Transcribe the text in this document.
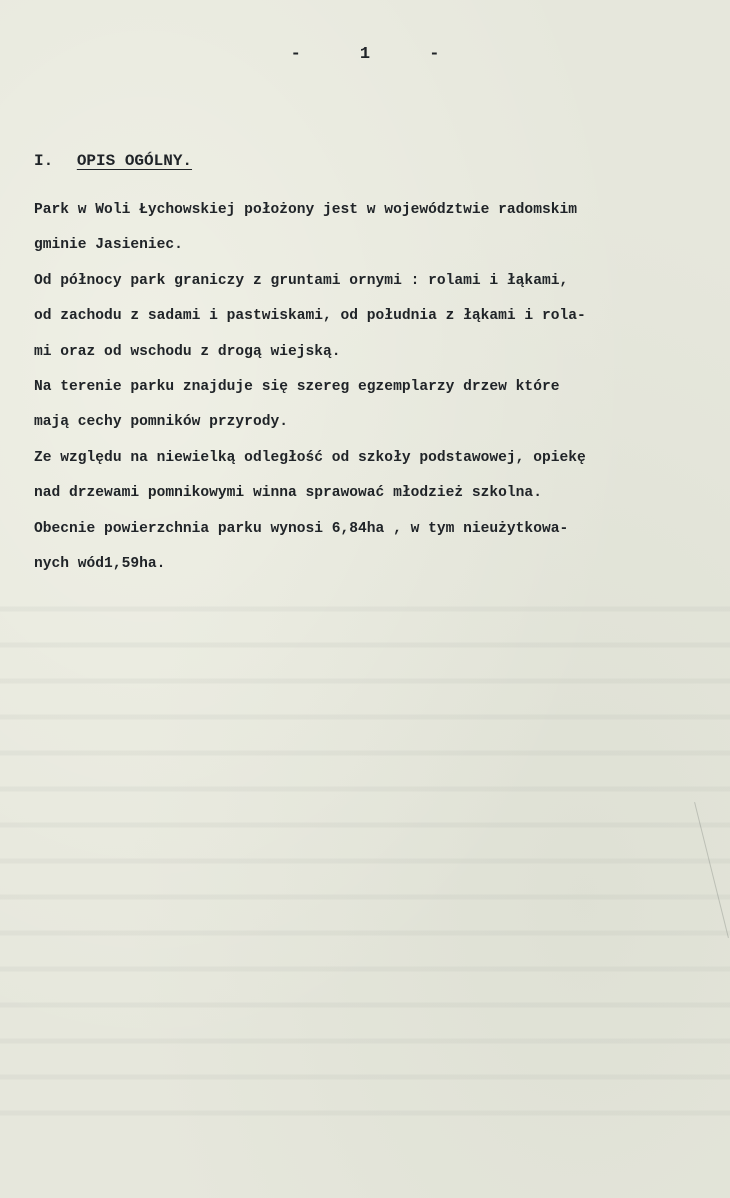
-	1	-
I. OPIS OGÓLNY.
Park w Woli Łychowskiej położony jest w województwie radomskim
gminie Jasieniec.
Od północy park graniczy z gruntami ornymi : rolami i łąkami,
od zachodu z sadami i pastwiskami, od południa z łąkami i rola-
mi oraz od wschodu z drogą wiejską.
Na terenie parku znajduje się szereg egzemplarzy drzew które
mają cechy pomników przyrody.
Ze względu na niewielką odległość od szkoły podstawowej, opiekę
nad drzewami pomnikowymi winna sprawować młodzież szkolna.
Obecnie powierzchnia parku wynosi 6,84ha , w tym nieużytkowa-
nych wód1,59ha.
